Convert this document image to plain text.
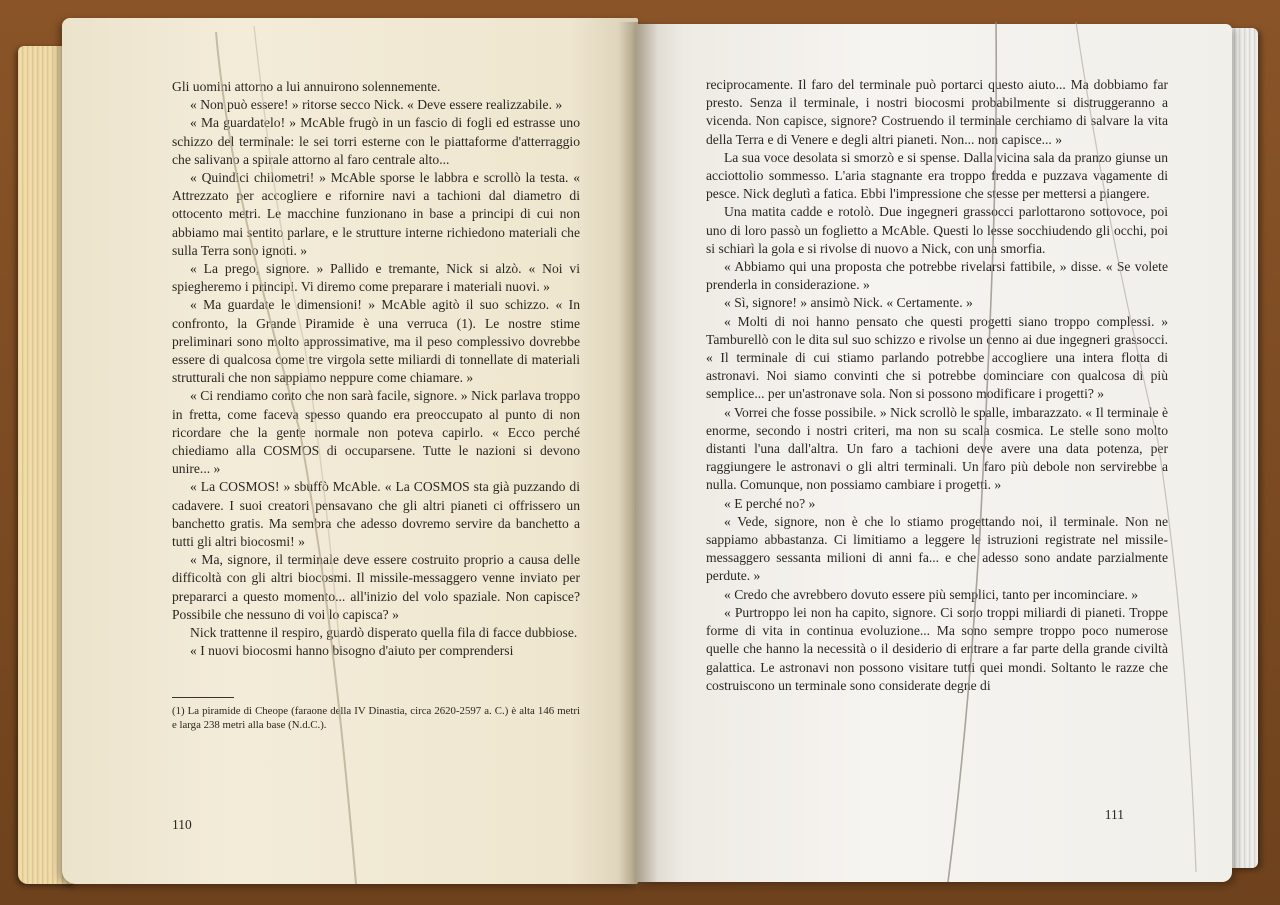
Gli uomini attorno a lui annuirono solennemente.

« Non può essere! » ritorse secco Nick. « Deve essere realizzabile. »

« Ma guardatelo! » McAble frugò in un fascio di fogli ed estrasse uno schizzo del terminale: le sei torri esterne con le piattaforme d'atterraggio che salivano a spirale attorno al faro centrale alto...

« Quindici chilometri! » McAble sporse le labbra e scrollò la testa. « Attrezzato per accogliere e rifornire navi a tachioni dal diametro di ottocento metri. Le macchine funzionano in base a principi di cui non abbiamo mai sentito parlare, e le strutture interne richiedono materiali che sulla Terra sono ignoti. »

« La prego, signore. » Pallido e tremante, Nick si alzò. « Noi vi spiegheremo i principi. Vi diremo come preparare i materiali nuovi. »

« Ma guardate le dimensioni! » McAble agitò il suo schizzo. « In confronto, la Grande Piramide è una verruca (1). Le nostre stime preliminari sono molto approssimative, ma il peso complessivo dovrebbe essere di qualcosa come tre virgola sette miliardi di tonnellate di materiali strutturali che non sappiamo neppure come chiamare. »

« Ci rendiamo conto che non sarà facile, signore. » Nick parlava troppo in fretta, come faceva spesso quando era preoccupato al punto di non ricordare che la gente normale non poteva capirlo. « Ecco perché chiediamo alla COSMOS di occuparsene. Tutte le nazioni si devono unire... »

« La COSMOS! » sbuffò McAble. « La COSMOS sta già puzzando di cadavere. I suoi creatori pensavano che gli altri pianeti ci offrissero un banchetto gratis. Ma sembra che adesso dovremo servire da banchetto a tutti gli altri biocosmi! »

« Ma, signore, il terminale deve essere costruito proprio a causa delle difficoltà con gli altri biocosmi. Il missile-messaggero venne inviato per prepararci a questo momento... all'inizio del volo spaziale. Non capisce? Possibile che nessuno di voi lo capisca? »

Nick trattenne il respiro, guardò disperato quella fila di facce dubbiose.

« I nuovi biocosmi hanno bisogno d'aiuto per comprendersi

(1) La piramide di Cheope (faraone della IV Dinastia, circa 2620-2597 a. C.) è alta 146 metri e larga 238 metri alla base (N.d.C.).

110

reciprocamente. Il faro del terminale può portarci questo aiuto... Ma dobbiamo far presto. Senza il terminale, i nostri biocosmi probabilmente si distruggeranno a vicenda. Non capisce, signore? Costruendo il terminale cerchiamo di salvare la vita della Terra e di Venere e degli altri pianeti. Non... non capisce... »

La sua voce desolata si smorzò e si spense. Dalla vicina sala da pranzo giunse un acciottolio sommesso. L'aria stagnante era troppo fredda e puzzava vagamente di pesce. Nick deglutì a fatica. Ebbi l'impressione che stesse per mettersi a piangere.

Una matita cadde e rotolò. Due ingegneri grassocci parlottarono sottovoce, poi uno di loro passò un foglietto a McAble. Questi lo lesse socchiudendo gli occhi, poi si schiarì la gola e si rivolse di nuovo a Nick, con una smorfia.

« Abbiamo qui una proposta che potrebbe rivelarsi fattibile, » disse. « Se volete prenderla in considerazione. »

« Sì, signore! » ansimò Nick. « Certamente. »

« Molti di noi hanno pensato che questi progetti siano troppo complessi. » Tamburellò con le dita sul suo schizzo e rivolse un cenno ai due ingegneri grassocci. « Il terminale di cui stiamo parlando potrebbe accogliere una intera flotta di astronavi. Noi siamo convinti che si potrebbe cominciare con qualcosa di più semplice... per un'astronave sola. Non si possono modificare i progetti? »

« Vorrei che fosse possibile. » Nick scrollò le spalle, imbarazzato. « Il terminale è enorme, secondo i nostri criteri, ma non su scala cosmica. Le stelle sono molto distanti l'una dall'altra. Un faro a tachioni deve avere una data potenza, per raggiungere le astronavi o gli altri terminali. Un faro più debole non servirebbe a nulla. Comunque, non possiamo cambiare i progetti. »

« E perché no? »

« Vede, signore, non è che lo stiamo progettando noi, il terminale. Non ne sappiamo abbastanza. Ci limitiamo a leggere le istruzioni registrate nel missile-messaggero sessanta milioni di anni fa... e che adesso sono andate parzialmente perdute. »

« Credo che avrebbero dovuto essere più semplici, tanto per incominciare. »

« Purtroppo lei non ha capito, signore. Ci sono troppi miliardi di pianeti. Troppe forme di vita in continua evoluzione... Ma sono sempre troppo poco numerose quelle che hanno la necessità o il desiderio di entrare a far parte della grande civiltà galattica. Le astronavi non possono visitare tutti quei mondi. Soltanto le razze che costruiscono un terminale sono considerate degne di

111
